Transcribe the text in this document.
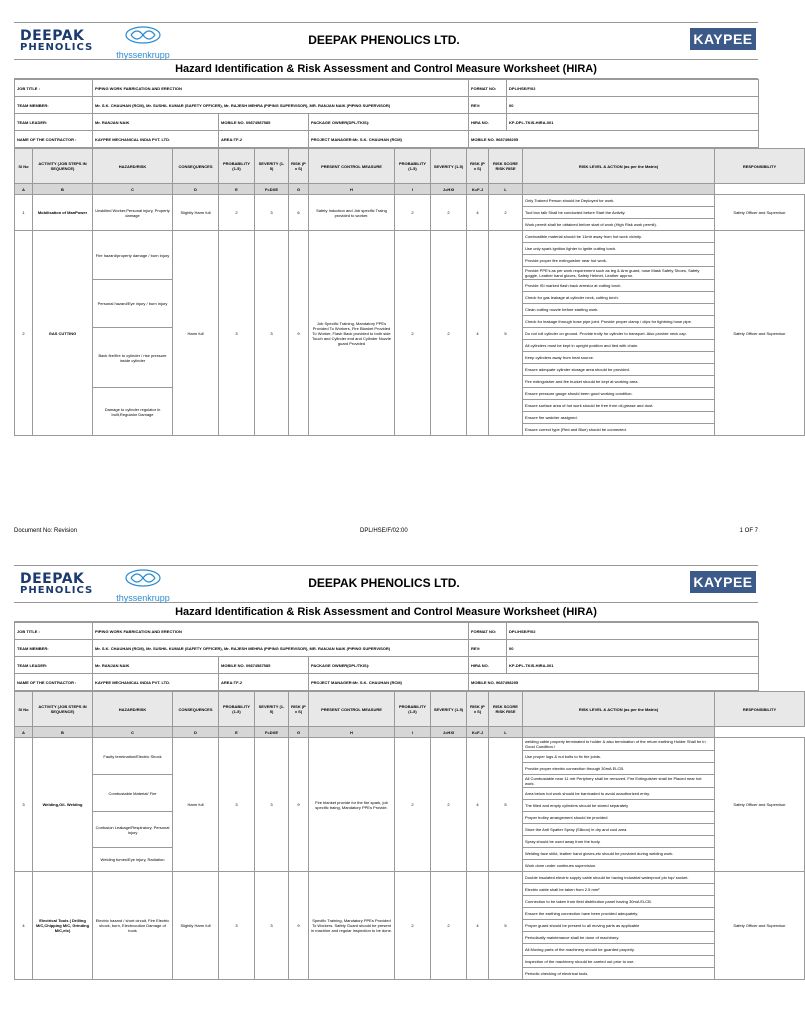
DEEPAK
PHENOLICS
thyssenkrupp
DEEPAK PHENOLICS LTD.	KAYPEE
Hazard Identification & Risk Assessment and Control Measure Worksheet (HIRA)
JOB TITLE :	PIPING WORK FABRICATION AND ERECTION			FORMAT NO:	DPL/HSE/F/02
TEAM MEMBER:	Mr. S.K. CHAUHAN (RCM), Mr. SUSHIL KUMAR (SAFETY OFFICER), Mr. RAJESH MEHRA (PIPING SUPERVISOR), MR. RANJAN NAIK (PIPING SUPERVISOR)			REV:	00
TEAM LEADER:	Mr. RANJAN NAIK	MOBILE NO. 09874587585	PACKAGE OWNER(DPL/TKIS):	HIRA NO.	KP-DPL-TKIS-HIRA-001
NAME OF THE CONTRACTOR :	KAYPEE MECHANICAL INDIA PVT. LTD.	AREA:TF-2	PROJECT MANAGER:Mr. S.K. CHAUHAN (RCM)	MOBILE NO. 9687498205	
Sl No	ACTIVITY (JOB STEPS IN SEQUENCE)	HAZARD/RISK	CONSEQUENCES	PROBABILITY (1-5)	SEVERITY (1-5)	RISK (P x S)	PRESENT CONTROL MEASURE	PROBABILITY (1-5)	SEVERITY (1-5)	RISK (P x S)	RISK SCORE RISK RISE	RISK LEVEL & ACTION (as per the Matrix)	RESPONSIBILITY
A	B	C	D	E	F=DXE	G	H	I	J=HXI	K=F-J	L		
1	Mobilisation of ManPower	Unskilled Worker,Personal injury, Property damage	Slightly Harm full	2	3	6	Safety Induction and Job specific Traing provided to worker.	2	2	4	2	Only Trained Person should be Deployed for work.	Safety Officer and Supervisor
												Tool box talk Shall be conducted before Start the Activity.	
												Work permit shall be obtained before start of work (High Risk work permit).	
2	GAS CUTTING	Fire hazard/property damage / burn injury	Harm full	3	3	9	Job Specific Training, Mandatory PPEs Provided To Workers, Fire Blanket Provided To Worker, Flash Back provided to both side Touch and Cylinder end and Cylinder Nozzle guard Provided	2	2	4	5	Combustible material should be 11mtr away from hot work vicinity.	Safety Officer and Supervisor
												Use only spark ignition lighter to ignite cutting torch.	
												Provide proper fire extinguisher near hot work.	
												Provide PPE's as per work requirement such as leg & Arm guard, nose Mask Safety Shoes, Safety goggle, Leather hand gloves, Safety Helmet, Leather appron.	
		Personal hazard/Eye injury / burn injury										Provide ISI marked flash back arrestor at cutting torch.	
												Check for gas leakage at cylinder neck, cutting torch.	
												Clean cutting nozzle before starting work.	
												Check for leakage through hose pipe joint. Provide proper clamp / clips for tightning hose pipe.	
		Back fire/fire to cylinder / rise pressure inside cylinder										Do not roll cylinder on ground. Provide trolly for cylinder to transport. Also provide neck cap.	
												All cylinders must be kept in upright position and tied with chain.	
												Keep cylinders away from heat source.	
												Ensure adequate cylinder storage area should be provided.	
												Fire extinguisher and fire bucket should be kept at working area.	
		Damage to cylinder regulator in built,Regulator Damage										Ensure pressure gauge should been good working condition.	
												Ensure surface area of hot work should be free from oil,grease and dust.	
												Ensure fire watcher assigned.	
												Ensure correct type (Red and Blue) should be connected.	
Document No: Revision	DPL/HSE/F/02:00	1 OF 7
DEEPAK
PHENOLICS
thyssenkrupp
DEEPAK PHENOLICS LTD.	KAYPEE
Hazard Identification & Risk Assessment and Control Measure Worksheet (HIRA)
JOB TITLE :	PIPING WORK FABRICATION AND ERECTION			FORMAT NO:	DPL/HSE/F/02
TEAM MEMBER:	Mr. S.K. CHAUHAN (RCM), Mr. SUSHIL KUMAR (SAFETY OFFICER), Mr. RAJESH MEHRA (PIPING SUPERVISOR), MR. RANJAN NAIK (PIPING SUPERVISOR)			REV:	00
TEAM LEADER:	Mr. RANJAN NAIK	MOBILE NO. 09874587585	PACKAGE OWNER(DPL/TKIS):	HIRA NO.	KP-DPL-TKIS-HIRA-001
NAME OF THE CONTRACTOR :	KAYPEE MECHANICAL INDIA PVT. LTD.	AREA:TF-2	PROJECT MANAGER:Mr. S.K. CHAUHAN (RCM)	MOBILE NO. 9687498205	
Sl No	ACTIVITY (JOB STEPS IN SEQUENCE)	HAZARD/RISK	CONSEQUENCES	PROBABILITY (1-5)	SEVERITY (1-5)	RISK (P x S)	PRESENT CONTROL MEASURE	PROBABILITY (1-5)	SEVERITY (1-5)	RISK (P x S)	RISK SCORE RISK RISE	RISK LEVEL & ACTION (as per the Matrix)	RESPONSIBILITY
A	B	C	D	E	F=DXE	G	H	I	J=HXI	K=F-J	L		
3	Welding,Oil- Welding	Faulty termination/Electric Shock	Harm full	3	3	9	Fire blanket provide for the fire spark, job specific traing, Mandatory PPEs Provide.	2	2	4	5	welding cable properly terminated to holder & also termination of the return earthing Holder Shall be in Good Condition.!	Safety Officer and Supervisor
												Use proper lugs & nut bolts to fix the joints.	
												Provide proper electric connection through 30mA ELCB.	
		Combustable Material/ Fire										All Combustable near 11 mtr Periphery shall be removed. Fire Extinguisher shall be Placed near hot work.	
												Area below hot work should be barricaded to avoid unauthorized entry.	
												The filled and empty cylinders should be stored separately	
		Confusion Leakage/Respiratory, Personal Injury										Proper trolley arrangement should be provided	
												Store the Anti Spatter Spray (Silicon) in dry and cool area	
												Spray should be used away from the body.	
		Welding fumes/Eye injury, Radiation										Welding face shild, leather hand gloves,etc should be provided during welding work.	
												Work done under continues supervision.	
4	Electrical Tools ( Drilling M/C,Chipping M/C, Grinding M/C,etc)	Electric hazard / short circuit, Fire Electric shock, burn, Electrocution Damage of tools	Slightly Harm full	3	3	9	Specific Training, Mandatory PPEs Provided To Workers. Safety Guard should be present in machine and regular inspection to be done.	2	2	4	5	Double insulated electric supply cable should be having industrial waterproof pin top/ socket.	Safety Officer and Supervisor
												Electric cable shall be taken from 2.5 mm²	
												Connection to be taken from field distribution panel having 30mA ELCB.	
												Ensure the earthing connection have been provided adequately.	
												Proper guard should be present to all moving parts as applicable	
												Periodically maintenance shall be done of machinery.	
												All Moving parts of the machinery should be guarded properly.	
												Inspection of the machinery should be carried out prior to use.	
												Periodic checking of electrical tools.	
